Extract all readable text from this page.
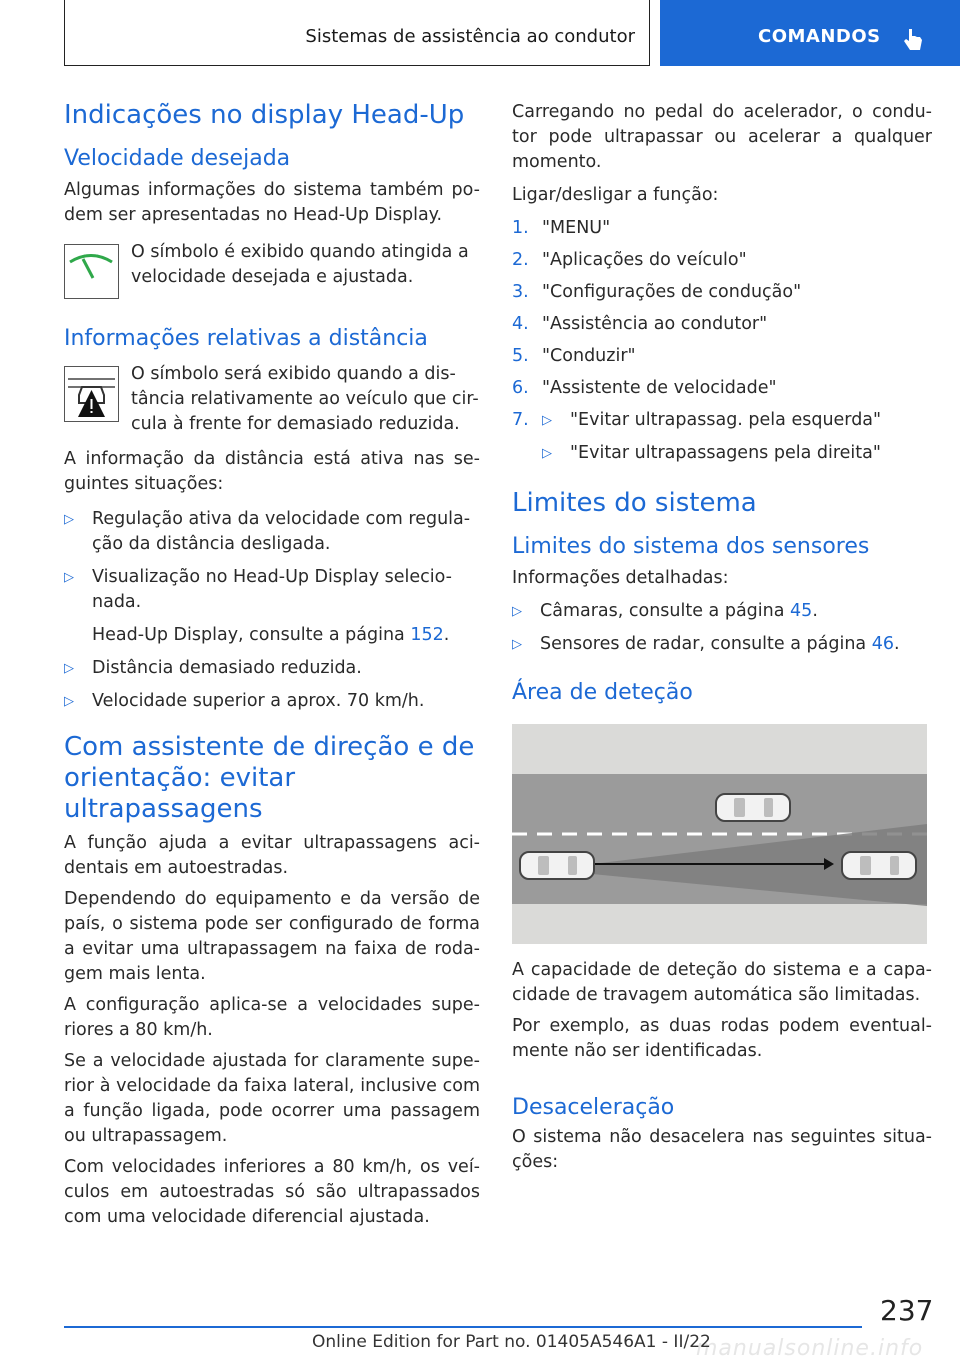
Sistemas de assistência ao condutor	COMANDOS
Indicações no display Head-Up
Velocidade desejada

Algumas informações do sistema também po-dem ser apresentadas no Head-Up Display.

O símbolo é exibido quando atingida a velocidade desejada e ajustada.

Informações relativas a distância

O símbolo será exibido quando a dis-tância relativamente ao veículo que cir-cula à frente for demasiado reduzida.

A informação da distância está ativa nas se-guintes situações:

▷	Regulação ativa da velocidade com regula-ção da distância desligada.
▷	Visualização no Head-Up Display selecio-nada.

Head-Up Display, consulte a página 152.

▷	Distância demasiado reduzida.
▷	Velocidade superior a aprox. 70 km/h.
Com assistente de direção e de orientação: evitar ultrapassagens

A função ajuda a evitar ultrapassagens aci-dentais em autoestradas.

Dependendo do equipamento e da versão de país, o sistema pode ser configurado de forma a evitar uma ultrapassagem na faixa de roda-gem mais lenta.

A configuração aplica-se a velocidades supe-riores a 80 km/h.

Se a velocidade ajustada for claramente supe-rior à velocidade da faixa lateral, inclusive com a função ligada, pode ocorrer uma passagem ou ultrapassagem.

Com velocidades inferiores a 80 km/h, os veí-culos em autoestradas só são ultrapassados com uma velocidade diferencial ajustada.

Carregando no pedal do acelerador, o condu-tor pode ultrapassar ou acelerar a qualquer momento.

Ligar/desligar a função:

1. "MENU"
2. "Aplicações do veículo"
3. "Configurações de condução"
4. "Assistência ao condutor"
5. "Conduzir"
6. "Assistente de velocidade"
7.	▷	"Evitar ultrapassag. pela esquerda"
▷	"Evitar ultrapassagens pela direita"
Limites do sistema
Limites do sistema dos sensores

Informações detalhadas:

▷	Câmaras, consulte a página 45.
▷	Sensores de radar, consulte a página 46.
Área de deteção

A capacidade de deteção do sistema e a capa-cidade de travagem automática são limitadas.

Por exemplo, as duas rodas podem eventual-mente não ser identificadas.

Desaceleração

O sistema não desacelera nas seguintes situa-ções:

237
manualsonline.info
Online Edition for Part no. 01405A546A1 - II/22
